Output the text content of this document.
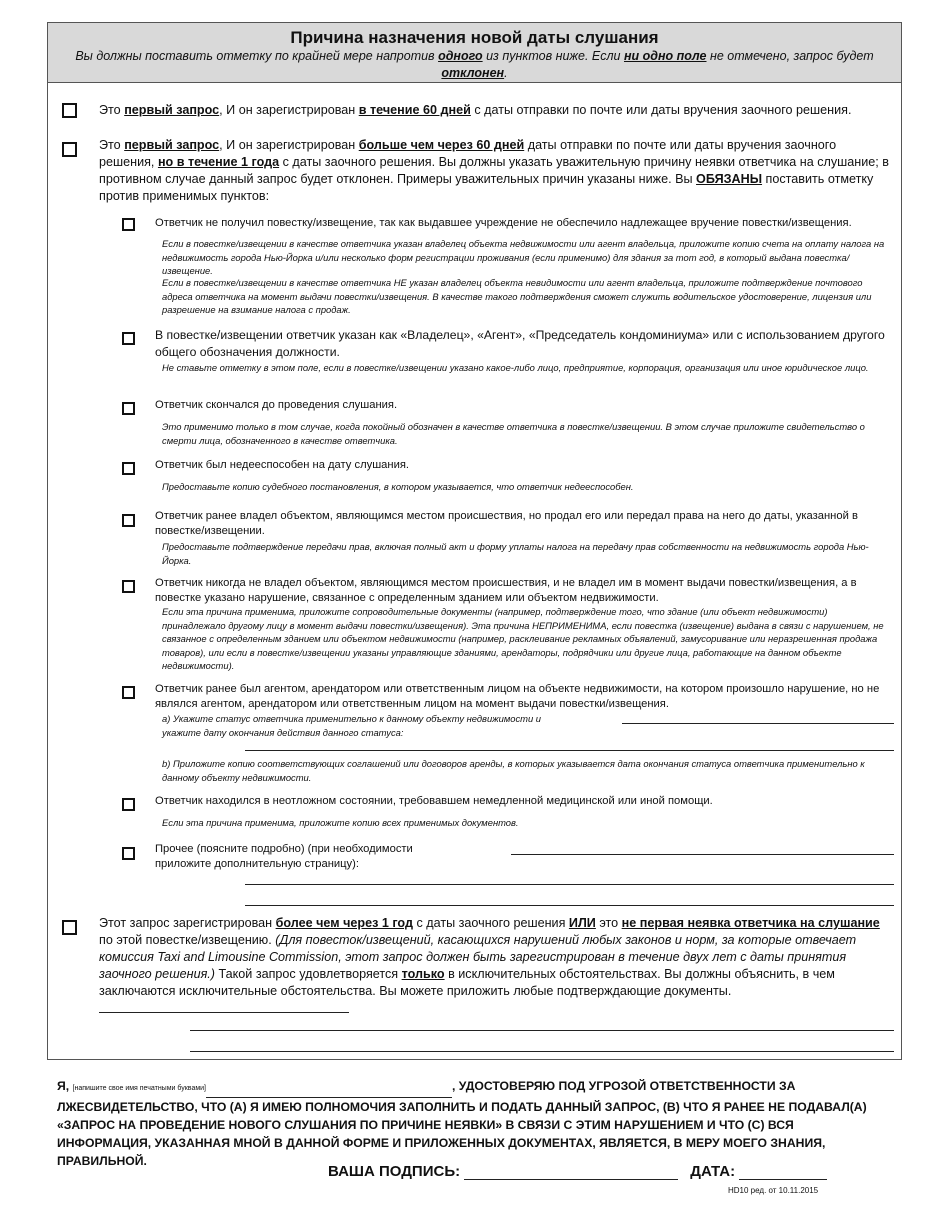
Причина назначения новой даты слушания
Вы должны поставить отметку по крайней мере напротив одного из пунктов ниже. Если ни одно поле не отмечено, запрос будет отклонен.
Это первый запрос, И он зарегистрирован в течение 60 дней с даты отправки по почте или даты вручения заочного решения.
Это первый запрос, И он зарегистрирован больше чем через 60 дней даты отправки по почте или даты вручения заочного решения, но в течение 1 года с даты заочного решения. Вы должны указать уважительную причину неявки ответчика на слушание; в противном случае данный запрос будет отклонен. Примеры уважительных причин указаны ниже. Вы ОБЯЗАНЫ поставить отметку против применимых пунктов:
Ответчик не получил повестку/извещение, так как выдавшее учреждение не обеспечило надлежащее вручение повестки/извещения.
Если в повестке/извещении в качестве ответчика указан владелец объекта недвижимости или агент владельца, приложите копию счета на оплату налога на недвижимость города Нью-Йорка и/или несколько форм регистрации проживания (если применимо) для здания за тот год, в который выдана повестка/извещение.
Если в повестке/извещении в качестве ответчика НЕ указан владелец объекта невидимости или агент владельца, приложите подтверждение почтового адреса ответчика на момент выдачи повестки/извещения. В качестве такого подтверждения сможет служить водительское удостоверение, лицензия или разрешение на взимание налога с продаж.
В повестке/извещении ответчик указан как «Владелец», «Агент», «Председатель кондоминиума» или с использованием другого общего обозначения должности.
Не ставьте отметку в этом поле, если в повестке/извещении указано какое-либо лицо, предприятие, корпорация, организация или иное юридическое лицо.
Ответчик скончался до проведения слушания.
Это применимо только в том случае, когда покойный обозначен в качестве ответчика в повестке/извещении. В этом случае приложите свидетельство о смерти лица, обозначенного в качестве ответчика.
Ответчик был недееспособен на дату слушания.
Предоставьте копию судебного постановления, в котором указывается, что ответчик недееспособен.
Ответчик ранее владел объектом, являющимся местом происшествия, но продал его или передал права на него до даты, указанной в повестке/извещении.
Предоставьте подтверждение передачи прав, включая полный акт и форму уплаты налога на передачу прав собственности на недвижимость города Нью-Йорка.
Ответчик никогда не владел объектом, являющимся местом происшествия, и не владел им в момент выдачи повестки/извещения, а в повестке указано нарушение, связанное с определенным зданием или объектом недвижимости.
Если эта причина применима, приложите сопроводительные документы (например, подтверждение того, что здание (или объект недвижимости) принадлежало другому лицу в момент выдачи повестки/извещения). Эта причина НЕПРИМЕНИМА, если повестка (извещение) выдана в связи с нарушением, не связанное с определенным зданием или объектом недвижимости (например, расклеивание рекламных объявлений, замусоривание или неразрешенная продажа товаров), или если в повестке/извещении указаны управляющие зданиями, арендаторы, подрядчики или другие лица, работающие на данном объекте недвижимости).
Ответчик ранее был агентом, арендатором или ответственным лицом на объекте недвижимости, на котором произошло нарушение, но не являлся агентом, арендатором или ответственным лицом на момент выдачи повестки/извещения.
a) Укажите статус ответчика применительно к данному объекту недвижимости и укажите дату окончания действия данного статуса:
b) Приложите копию соответствующих соглашений или договоров аренды, в которых указывается дата окончания статуса ответчика применительно к данному объекту недвижимости.
Ответчик находился в неотложном состоянии, требовавшем немедленной медицинской или иной помощи.
Если эта причина применима, приложите копию всех применимых документов.
Прочее (поясните подробно) (при необходимости приложите дополнительную страницу):
Этот запрос зарегистрирован более чем через 1 год с даты заочного решения ИЛИ это не первая неявка ответчика на слушание по этой повестке/извещению. (Для повесток/извещений, касающихся нарушений любых законов и норм, за которые отвечает комиссия Taxi and Limousine Commission, этот запрос должен быть зарегистрирован в течение двух лет с даты принятия заочного решения.) Такой запрос удовлетворяется только в исключительных обстоятельствах. Вы должны объяснить, в чем заключаются исключительные обстоятельства. Вы можете приложить любые подтверждающие документы.
Я, [напишите свое имя печатными буквами]	, УДОСТОВЕРЯЮ ПОД УГРОЗОЙ ОТВЕТСТВЕННОСТИ ЗА ЛЖЕСВИДЕТЕЛЬСТВО, ЧТО (A) Я ИМЕЮ ПОЛНОМОЧИЯ ЗАПОЛНИТЬ И ПОДАТЬ ДАННЫЙ ЗАПРОС, (B) ЧТО Я РАНЕЕ НЕ ПОДАВАЛ(А) «ЗАПРОС НА ПРОВЕДЕНИЕ НОВОГО СЛУШАНИЯ ПО ПРИЧИНЕ НЕЯВКИ» В СВЯЗИ С ЭТИМ НАРУШЕНИЕМ И ЧТО (C) ВСЯ ИНФОРМАЦИЯ, УКАЗАННАЯ МНОЙ В ДАННОЙ ФОРМЕ И ПРИЛОЖЕННЫХ ДОКУМЕНТАХ, ЯВЛЯЕТСЯ, В МЕРУ МОЕГО ЗНАНИЯ, ПРАВИЛЬНОЙ.
ВАША ПОДПИСЬ:	ДАТА:
HD10 ред. от 10.11.2015
